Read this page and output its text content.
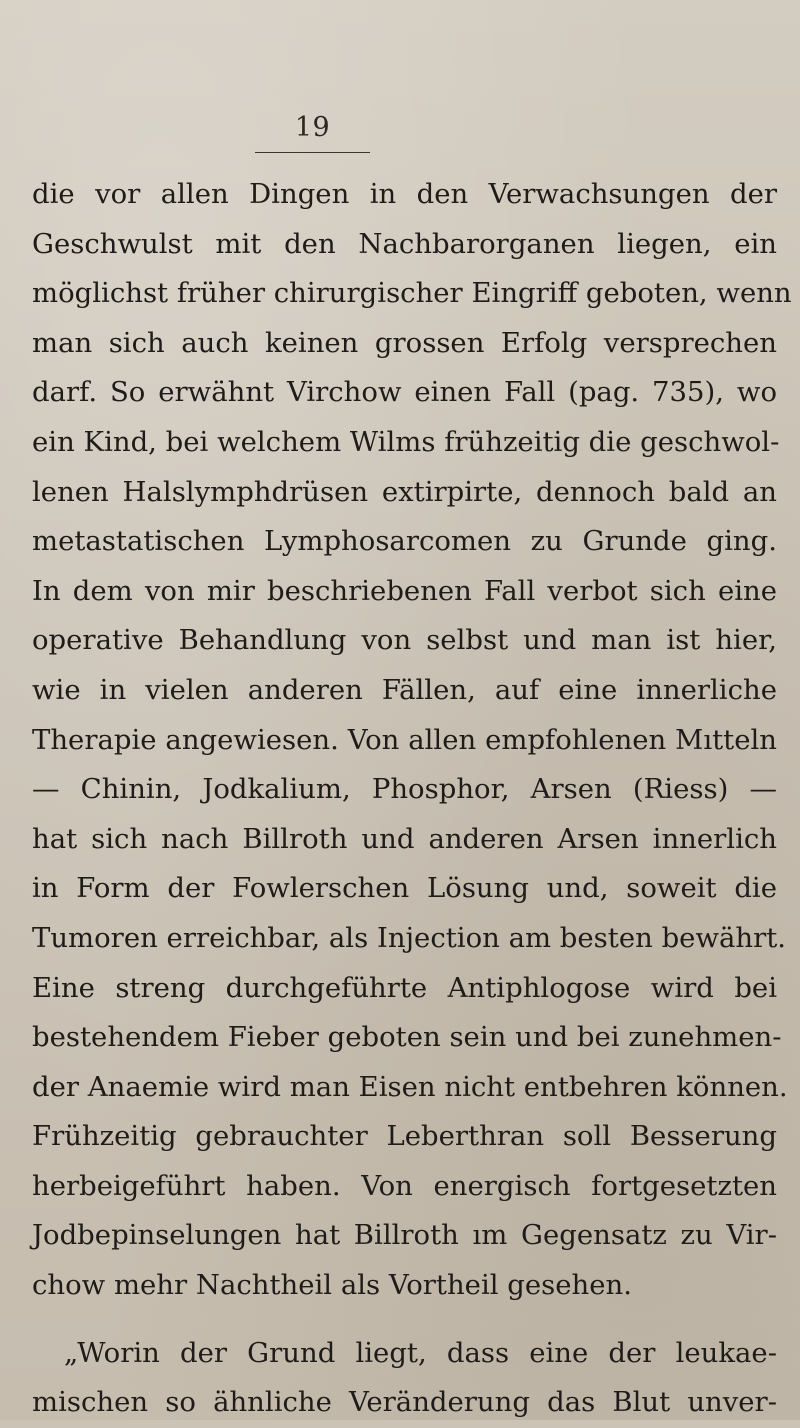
19
die vor allen Dingen in den Verwachsungen der
Geschwulst mit den Nachbarorganen liegen, ein
möglichst früher chirurgischer Eingriff geboten, wenn
man sich auch keinen grossen Erfolg versprechen
darf. So erwähnt Virchow einen Fall (pag. 735), wo
ein Kind, bei welchem Wilms frühzeitig die geschwol-
lenen Halslymphdrüsen extirpirte, dennoch bald an
metastatischen Lymphosarcomen zu Grunde ging.
In dem von mir beschriebenen Fall verbot sich eine
operative Behandlung von selbst und man ist hier,
wie in vielen anderen Fällen, auf eine innerliche
Therapie angewiesen. Von allen empfohlenen Mıtteln
— Chinin, Jodkalium, Phosphor, Arsen (Riess) —
hat sich nach Billroth und anderen Arsen innerlich
in Form der Fowlerschen Lösung und, soweit die
Tumoren erreichbar, als Injection am besten bewährt.
Eine streng durchgeführte Antiphlogose wird bei
bestehendem Fieber geboten sein und bei zunehmen-
der Anaemie wird man Eisen nicht entbehren können.
Frühzeitig gebrauchter Leberthran soll Besserung
herbeigeführt haben. Von energisch fortgesetzten
Jodbepinselungen hat Billroth ım Gegensatz zu Vir-
chow mehr Nachtheil als Vortheil gesehen.
„Worin der Grund liegt, dass eine der leukae-
mischen so ähnliche Veränderung das Blut unver-
